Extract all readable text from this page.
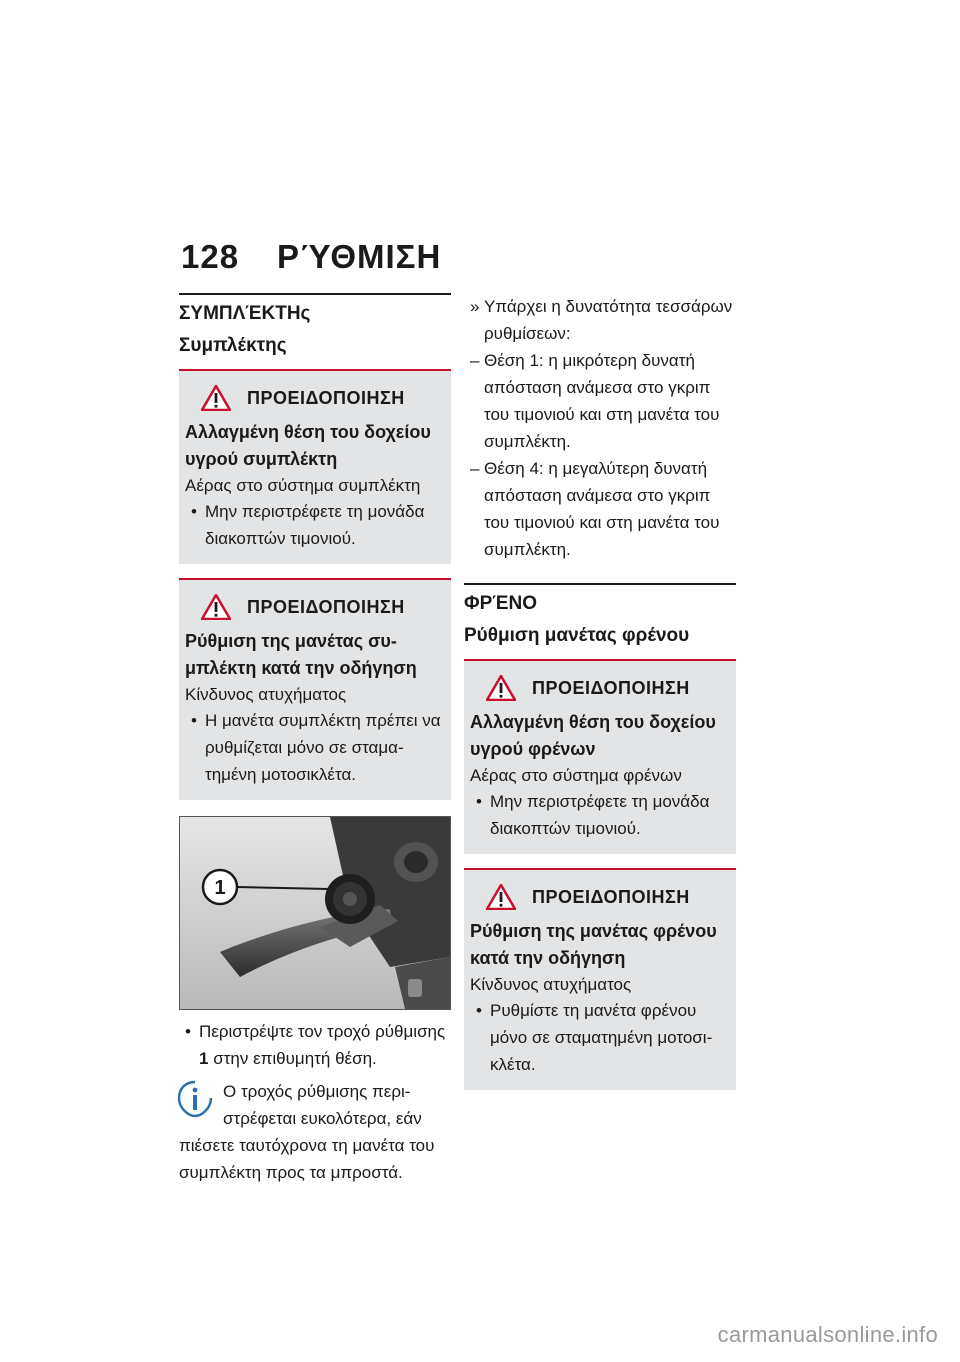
128 ΡΎΘΜΙΣΗ
ΣΥΜΠΛΈΚΤΗς
Συμπλέκτης
ΠΡΟΕΙΔΟΠΟΙΗΣΗ
Αλλαγμένη θέση του δοχείου υγρού συμπλέκτη
Αέρας στο σύστημα συμπλέκτη
• Μην περιστρέφετε τη μονάδα διακοπτών τιμονιού.
ΠΡΟΕΙΔΟΠΟΙΗΣΗ
Ρύθμιση της μανέτας συμπλέκτη κατά την οδήγηση
Κίνδυνος ατυχήματος
• Η μανέτα συμπλέκτη πρέπει να ρυθμίζεται μόνο σε σταματημένη μοτοσικλέτα.
1
• Περιστρέψτε τον τροχό ρύθμισης 1 στην επιθυμητή θέση.
Ο τροχός ρύθμισης περιστρέφεται ευκολότερα, εάν πιέσετε ταυτόχρονα τη μανέτα του συμπλέκτη προς τα μπροστά.
» Υπάρχει η δυνατότητα τεσσάρων ρυθμίσεων:
– Θέση 1: η μικρότερη δυνατή απόσταση ανάμεσα στο γκριπ του τιμονιού και στη μανέτα του συμπλέκτη.
– Θέση 4: η μεγαλύτερη δυνατή απόσταση ανάμεσα στο γκριπ του τιμονιού και στη μανέτα του συμπλέκτη.
ΦΡΈΝΟ
Ρύθμιση μανέτας φρένου
ΠΡΟΕΙΔΟΠΟΙΗΣΗ
Αλλαγμένη θέση του δοχείου υγρού φρένων
Αέρας στο σύστημα φρένων
• Μην περιστρέφετε τη μονάδα διακοπτών τιμονιού.
ΠΡΟΕΙΔΟΠΟΙΗΣΗ
Ρύθμιση της μανέτας φρένου κατά την οδήγηση
Κίνδυνος ατυχήματος
• Ρυθμίστε τη μανέτα φρένου μόνο σε σταματημένη μοτοσικλέτα.
carmanualsonline.info
